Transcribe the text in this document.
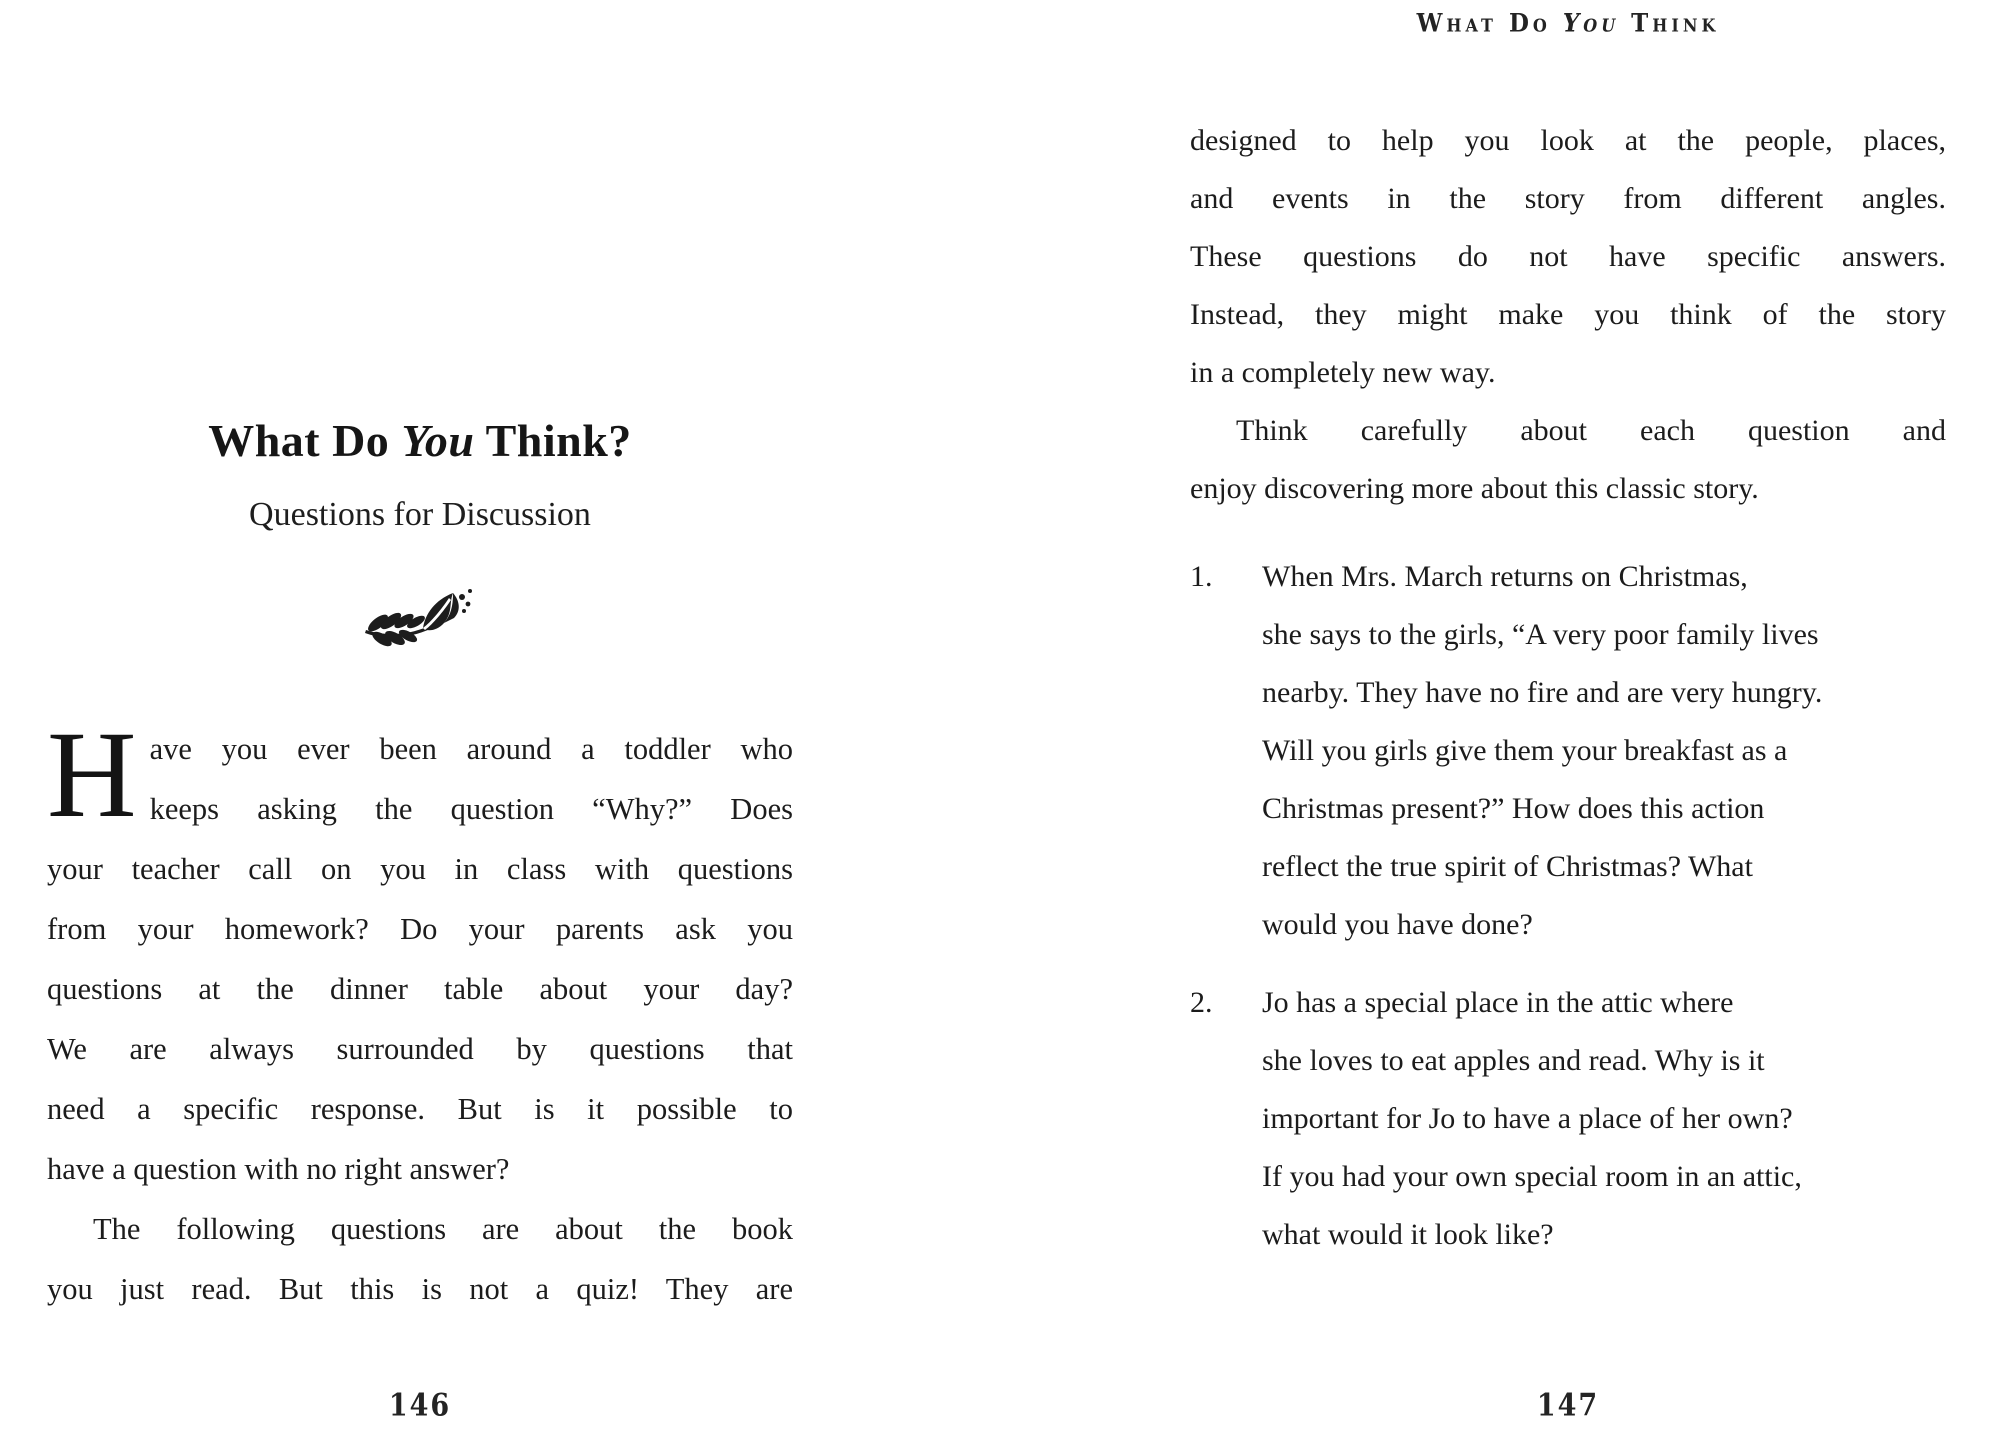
What Do You Think
What Do You Think?
Questions for Discussion
H ave you ever been around a toddler who
keeps asking the question “Why?” Does
your teacher call on you in class with questions
from your homework? Do your parents ask you
questions at the dinner table about your day?
We are always surrounded by questions that
need a specific response. But is it possible to
have a question with no right answer?
The following questions are about the book
you just read. But this is not a quiz! They are
146
designed to help you look at the people, places,
and events in the story from different angles.
These questions do not have specific answers.
Instead, they might make you think of the story
in a completely new way.
Think carefully about each question and
enjoy discovering more about this classic story.
1.	When Mrs. March returns on Christmas,
she says to the girls, “A very poor family lives
nearby. They have no fire and are very hungry.
Will you girls give them your breakfast as a
Christmas present?” How does this action
reflect the true spirit of Christmas? What
would you have done?
2.	Jo has a special place in the attic where
she loves to eat apples and read. Why is it
important for Jo to have a place of her own?
If you had your own special room in an attic,
what would it look like?
147
